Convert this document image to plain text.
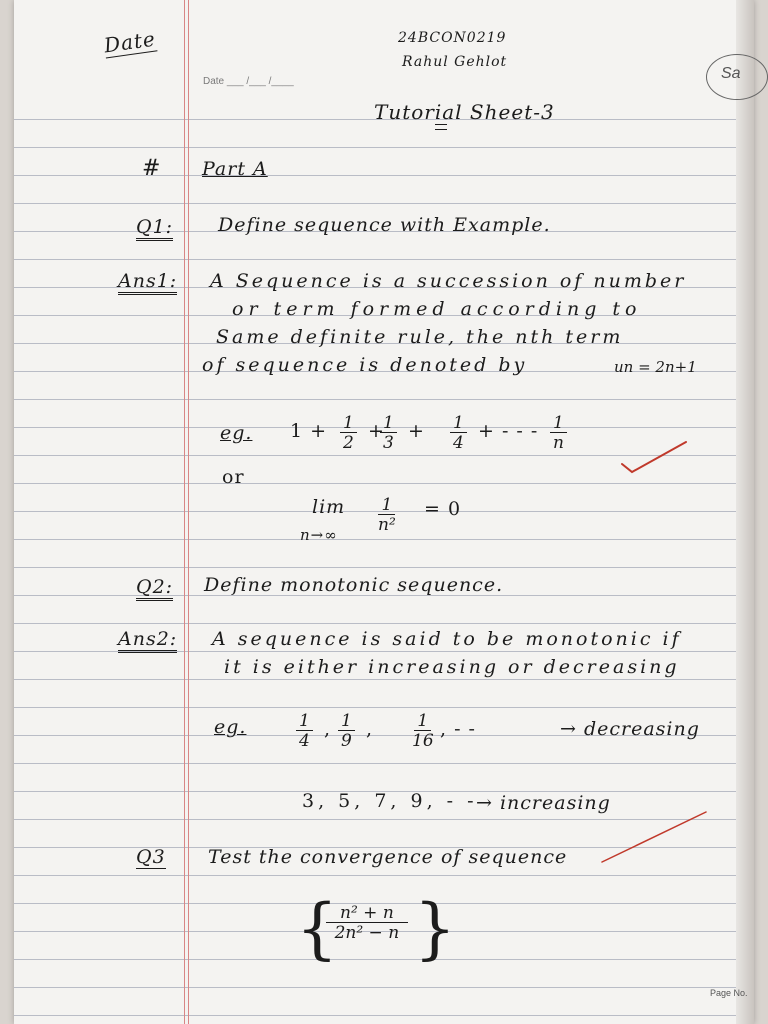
Date
Date ___ /___ /____
24BCON0219
Rahul Gehlot
Sa
Page No.
Tutorial Sheet-3
# Part A
Q1: Define sequence with Example.
Ans1: A Sequence is a succession of number
or term formed according to
Same definite rule, the nth term
of sequence is denoted by	un = 2n+1
eg. $1 + \frac{1}{2}$ +
$\frac{1}{3} + \frac{1}{4}$ + - - - $\frac{1}{n}$
or
lim
$n\to\infty \frac{1}{\text{n²}} = 0$
Q2: Define monotonic sequence.
Ans2: A sequence is said to be monotonic if
it is either increasing or decreasing
eg.	$\frac{1}{4}$ , $\frac{1}{9}$ , $\frac{1}{16}$ , - -	→ decreasing
3, 5, 7, 9, - -
→ increasing
Q3 Test the convergence of sequence
{
$\frac{\text{n² + n}}{\text{2n² − n}}$ }
